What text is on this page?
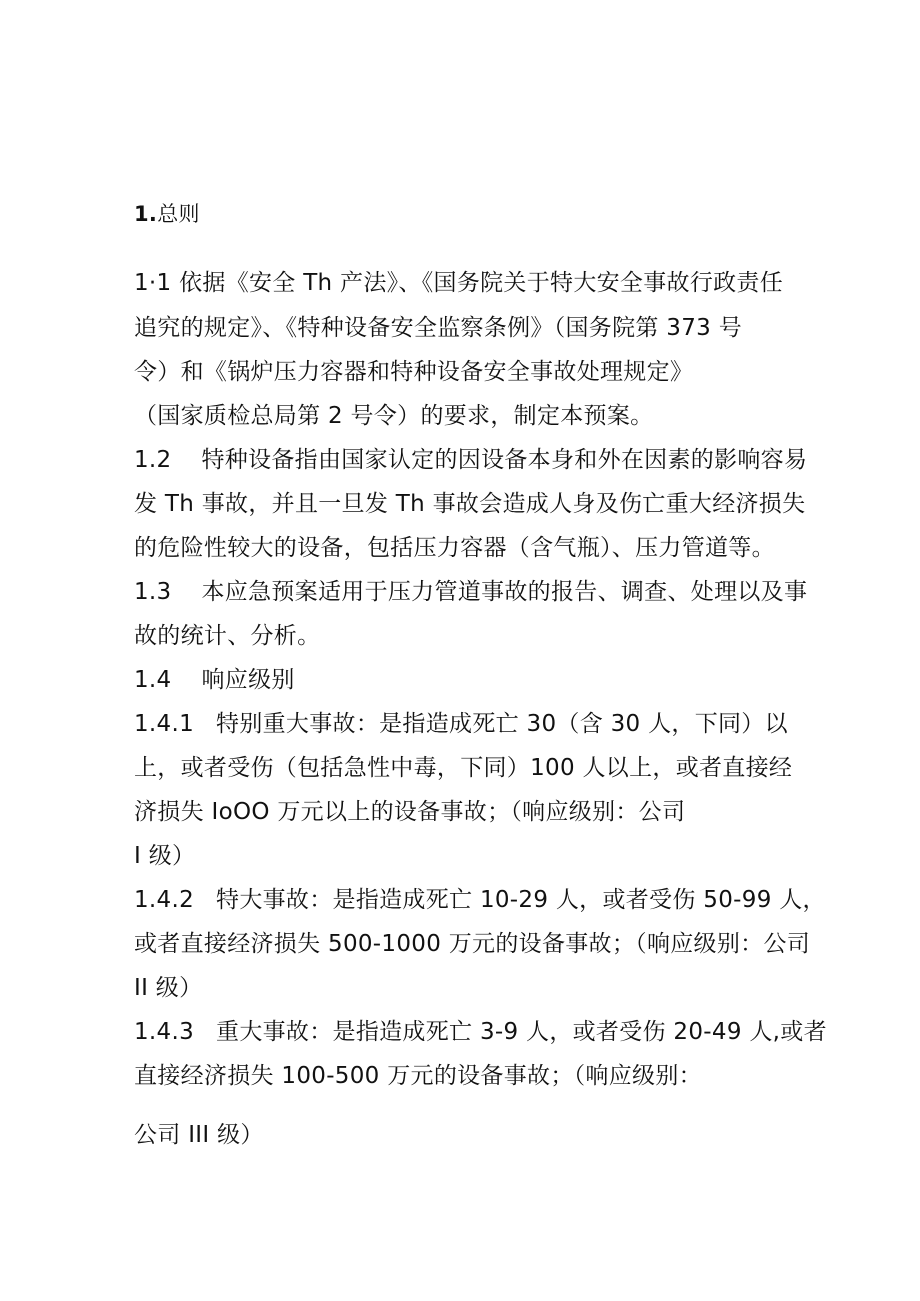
1.总则
1·1 依据《安全 Th 产法》、《国务院关于特大安全事故行政责任
追究的规定》、《特种设备安全监察条例》（国务院第 373 号
令）和《锅炉压力容器和特种设备安全事故处理规定》
（国家质检总局第 2 号令）的要求，制定本预案。
1.2 特种设备指由国家认定的因设备本身和外在因素的影响容易
发 Th 事故，并且一旦发 Th 事故会造成人身及伤亡重大经济损失
的危险性较大的设备，包括压力容器（含气瓶）、压力管道等。
1.3 本应急预案适用于压力管道事故的报告、调查、处理以及事
故的统计、分析。
1.4 响应级别
1.4.1 特别重大事故：是指造成死亡 30（含 30 人，下同）以
上，或者受伤（包括急性中毒，下同）100 人以上，或者直接经
济损失 IoOO 万元以上的设备事故；（响应级别：公司
I 级）
1.4.2 特大事故：是指造成死亡 10-29 人，或者受伤 50-99 人，
或者直接经济损失 500-1000 万元的设备事故；（响应级别：公司
II 级）
1.4.3 重大事故：是指造成死亡 3-9 人，或者受伤 20-49 人,或者
直接经济损失 100-500 万元的设备事故；（响应级别：
公司 III 级）
